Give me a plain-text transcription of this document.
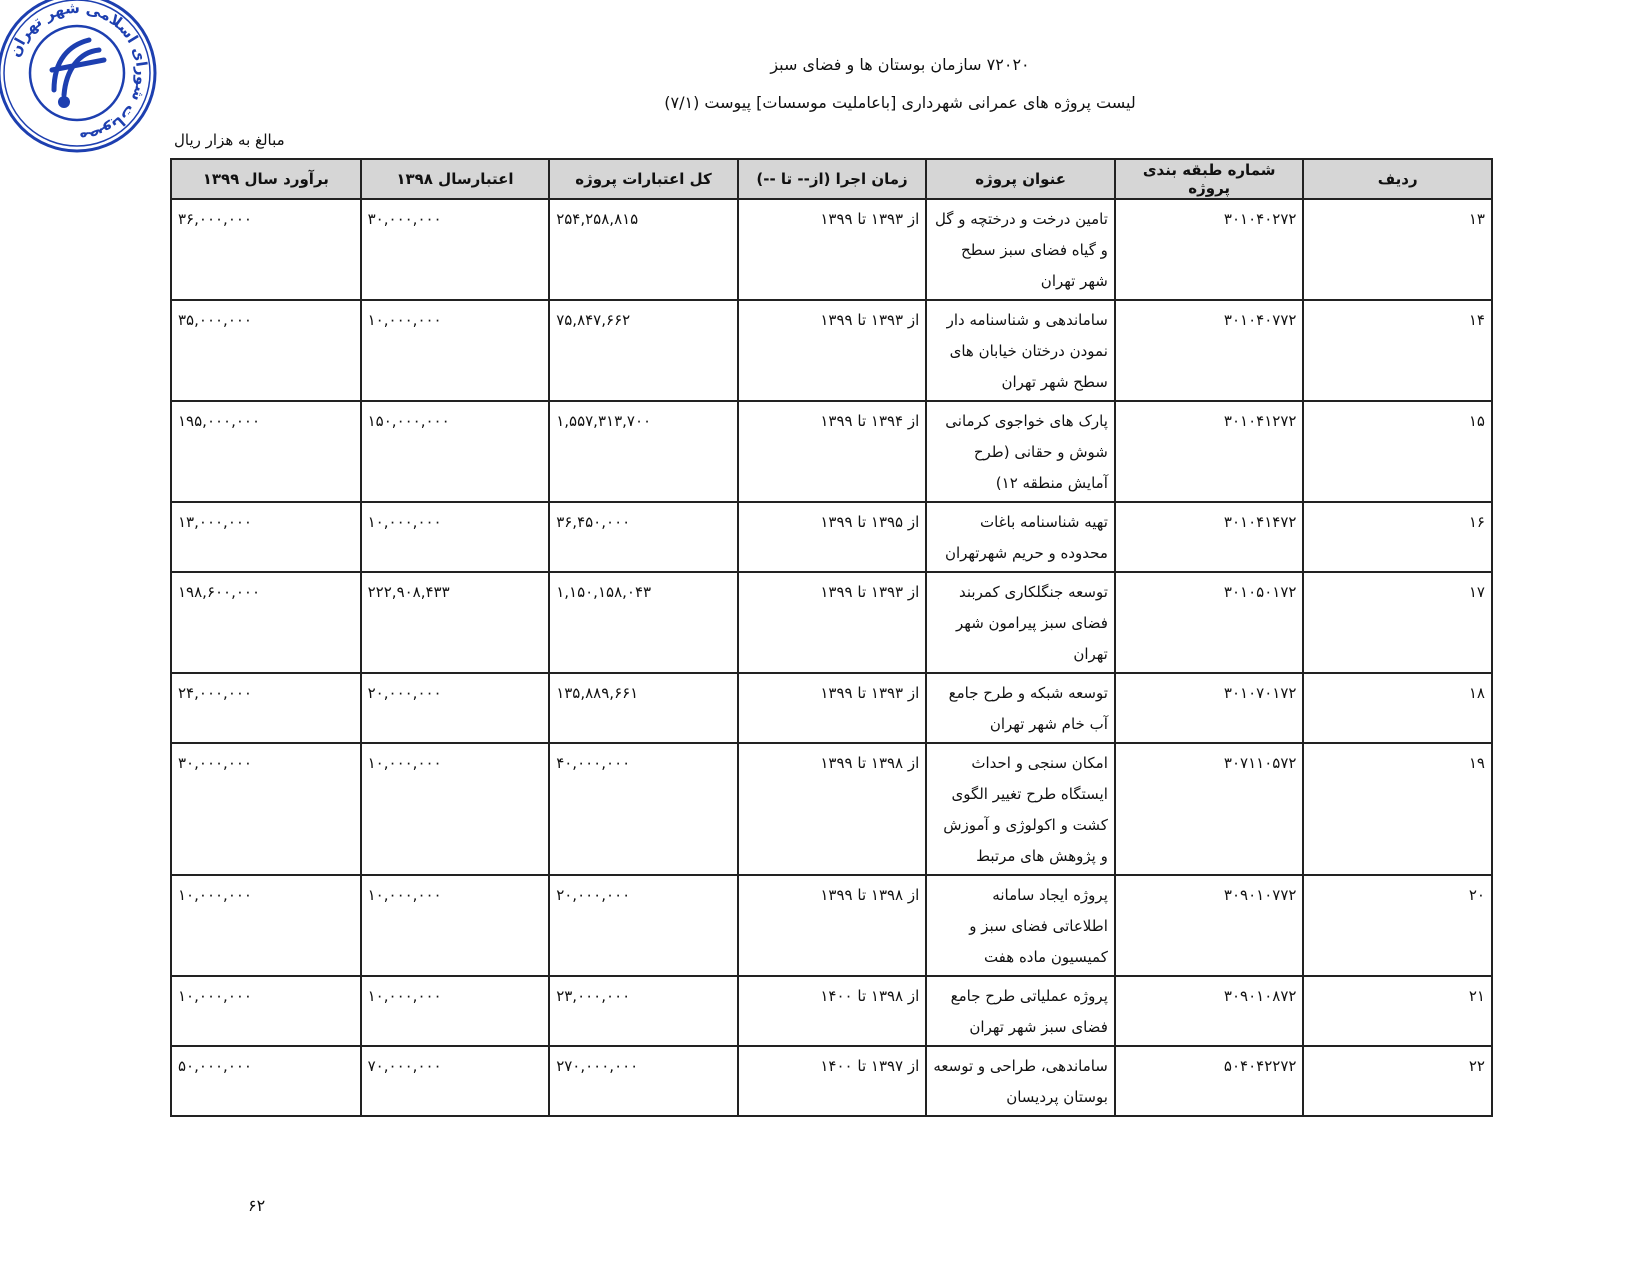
مصوبات شورای اسلامی شهر تهران
۷۲۰۲۰ سازمان بوستان ها و فضای سبز
لیست پروژه های عمرانی شهرداری [باعاملیت موسسات] پیوست (۷/۱)
مبالغ به هزار ریال
ردیف	شماره طبقه بندی پروژه	عنوان پروژه	زمان اجرا (از-- تا --)	کل اعتبارات پروژه	اعتبارسال ۱۳۹۸	برآورد سال ۱۳۹۹
۱۳	۳۰۱۰۴۰۲۷۲	تامین درخت و درختچه و گل و گیاه فضای سبز سطح شهر تهران	از ۱۳۹۳ تا ۱۳۹۹	۲۵۴,۲۵۸,۸۱۵	۳۰,۰۰۰,۰۰۰	۳۶,۰۰۰,۰۰۰
۱۴	۳۰۱۰۴۰۷۷۲	ساماندهی و شناسنامه دار نمودن درختان خیابان های سطح شهر تهران	از ۱۳۹۳ تا ۱۳۹۹	۷۵,۸۴۷,۶۶۲	۱۰,۰۰۰,۰۰۰	۳۵,۰۰۰,۰۰۰
۱۵	۳۰۱۰۴۱۲۷۲	پارک های خواجوی کرمانی شوش و حقانی (طرح آمایش منطقه ۱۲)	از ۱۳۹۴ تا ۱۳۹۹	۱,۵۵۷,۳۱۳,۷۰۰	۱۵۰,۰۰۰,۰۰۰	۱۹۵,۰۰۰,۰۰۰
۱۶	۳۰۱۰۴۱۴۷۲	تهیه شناسنامه باغات محدوده و حریم شهرتهران	از ۱۳۹۵ تا ۱۳۹۹	۳۶,۴۵۰,۰۰۰	۱۰,۰۰۰,۰۰۰	۱۳,۰۰۰,۰۰۰
۱۷	۳۰۱۰۵۰۱۷۲	توسعه جنگلکاری کمربند فضای سبز پیرامون شهر تهران	از ۱۳۹۳ تا ۱۳۹۹	۱,۱۵۰,۱۵۸,۰۴۳	۲۲۲,۹۰۸,۴۳۳	۱۹۸,۶۰۰,۰۰۰
۱۸	۳۰۱۰۷۰۱۷۲	توسعه شبکه و طرح جامع آب خام شهر تهران	از ۱۳۹۳ تا ۱۳۹۹	۱۳۵,۸۸۹,۶۶۱	۲۰,۰۰۰,۰۰۰	۲۴,۰۰۰,۰۰۰
۱۹	۳۰۷۱۱۰۵۷۲	امکان سنجی و احداث ایستگاه طرح تغییر الگوی کشت و اکولوژی و آموزش و پژوهش های مرتبط	از ۱۳۹۸ تا ۱۳۹۹	۴۰,۰۰۰,۰۰۰	۱۰,۰۰۰,۰۰۰	۳۰,۰۰۰,۰۰۰
۲۰	۳۰۹۰۱۰۷۷۲	پروژه ایجاد سامانه اطلاعاتی فضای سبز و کمیسیون ماده هفت	از ۱۳۹۸ تا ۱۳۹۹	۲۰,۰۰۰,۰۰۰	۱۰,۰۰۰,۰۰۰	۱۰,۰۰۰,۰۰۰
۲۱	۳۰۹۰۱۰۸۷۲	پروژه عملیاتی طرح جامع فضای سبز شهر تهران	از ۱۳۹۸ تا ۱۴۰۰	۲۳,۰۰۰,۰۰۰	۱۰,۰۰۰,۰۰۰	۱۰,۰۰۰,۰۰۰
۲۲	۵۰۴۰۴۲۲۷۲	ساماندهی، طراحی و توسعه بوستان پردیسان	از ۱۳۹۷ تا ۱۴۰۰	۲۷۰,۰۰۰,۰۰۰	۷۰,۰۰۰,۰۰۰	۵۰,۰۰۰,۰۰۰
۶۲
